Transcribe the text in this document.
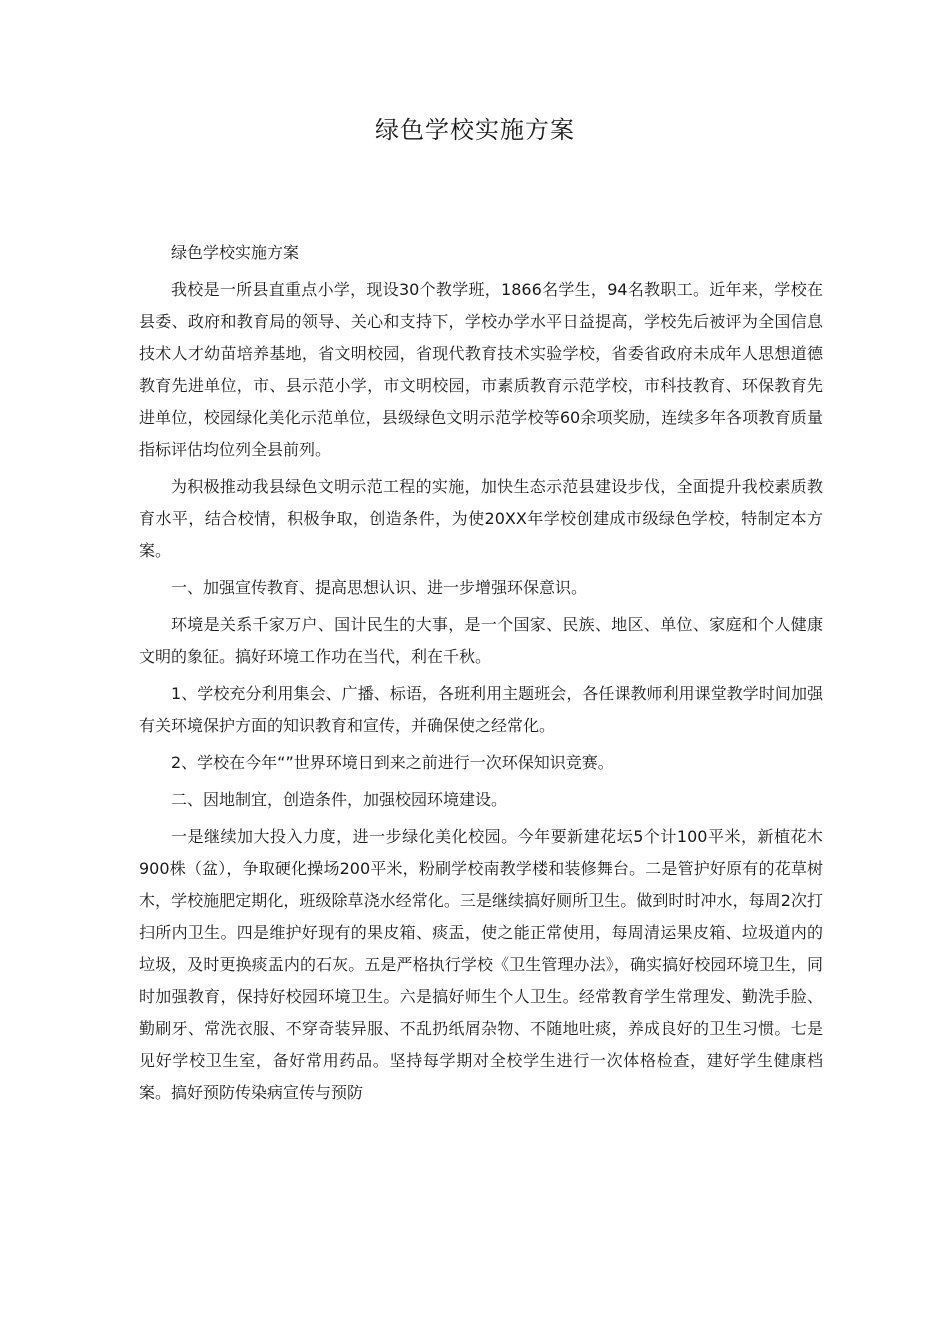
绿色学校实施方案

绿色学校实施方案

我校是一所县直重点小学，现设30个教学班，1866名学生，94名教职工。近年来，学校在县委、政府和教育局的领导、关心和支持下，学校办学水平日益提高，学校先后被评为全国信息技术人才幼苗培养基地，省文明校园，省现代教育技术实验学校，省委省政府未成年人思想道德教育先进单位，市、县示范小学，市文明校园，市素质教育示范学校，市科技教育、环保教育先进单位，校园绿化美化示范单位，县级绿色文明示范学校等60余项奖励，连续多年各项教育质量指标评估均位列全县前列。

为积极推动我县绿色文明示范工程的实施，加快生态示范县建设步伐，全面提升我校素质教育水平，结合校情，积极争取，创造条件，为使20XX年学校创建成市级绿色学校，特制定本方案。

一、加强宣传教育、提高思想认识、进一步增强环保意识。

环境是关系千家万户、国计民生的大事，是一个国家、民族、地区、单位、家庭和个人健康文明的象征。搞好环境工作功在当代，利在千秋。

1、学校充分利用集会、广播、标语，各班利用主题班会，各任课教师利用课堂教学时间加强有关环境保护方面的知识教育和宣传，并确保使之经常化。

2、学校在今年“”世界环境日到来之前进行一次环保知识竞赛。

二、因地制宜，创造条件，加强校园环境建设。

一是继续加大投入力度，进一步绿化美化校园。今年要新建花坛5个计100平米，新植花木900株（盆），争取硬化操场200平米，粉刷学校南教学楼和装修舞台。二是管护好原有的花草树木，学校施肥定期化，班级除草浇水经常化。三是继续搞好厕所卫生。做到时时冲水，每周2次打扫所内卫生。四是维护好现有的果皮箱、痰盂，使之能正常使用，每周清运果皮箱、垃圾道内的垃圾，及时更换痰盂内的石灰。五是严格执行学校《卫生管理办法》，确实搞好校园环境卫生，同时加强教育，保持好校园环境卫生。六是搞好师生个人卫生。经常教育学生常理发、勤洗手脸、勤刷牙、常洗衣服、不穿奇装异服、不乱扔纸屑杂物、不随地吐痰，养成良好的卫生习惯。七是见好学校卫生室，备好常用药品。坚持每学期对全校学生进行一次体格检查，建好学生健康档案。搞好预防传染病宣传与预防
